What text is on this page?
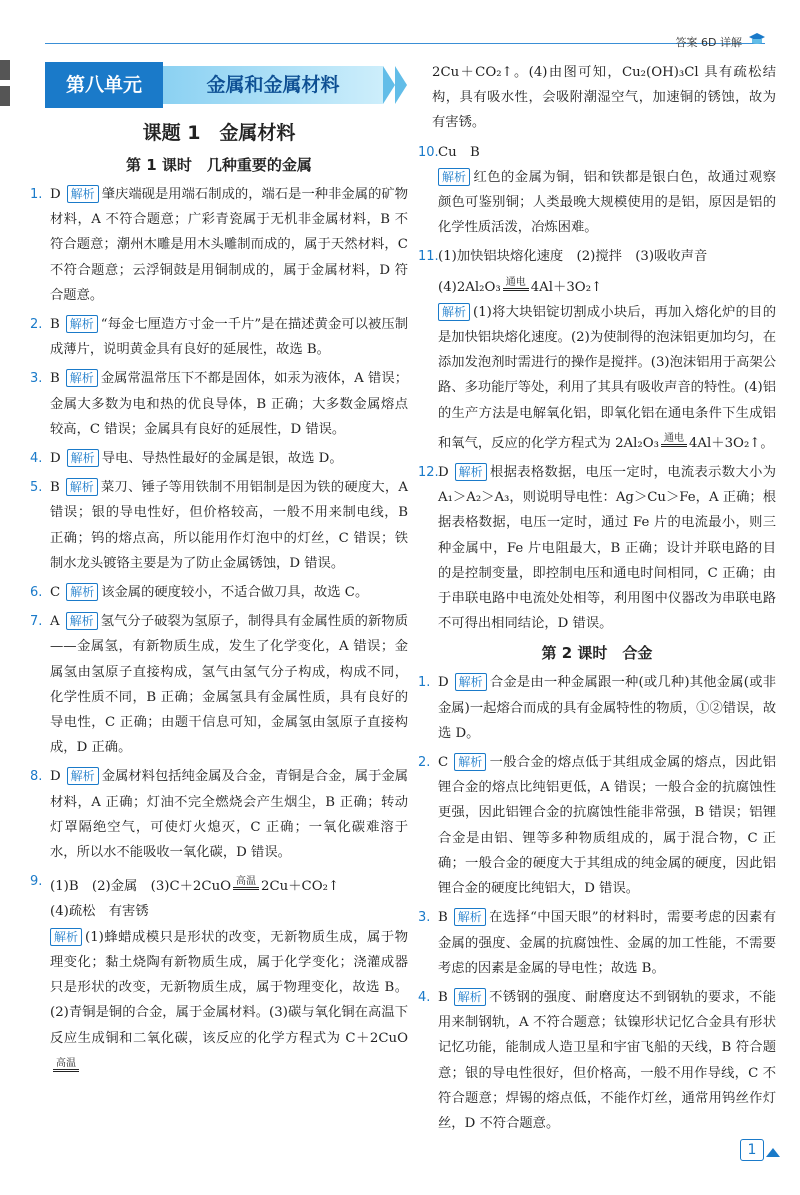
答案 6D 详解
第八单元	金属和金属材料
课题 1　金属材料
第 1 课时　几种重要的金属
1. D 解析 肇庆端砚是用端石制成的，端石是一种非金属的矿物材料，A 不符合题意；广彩青瓷属于无机非金属材料，B 不符合题意；潮州木雕是用木头雕制而成的，属于天然材料，C 不符合题意；云浮铜鼓是用铜制成的，属于金属材料，D 符合题意。
2. B 解析 “每金七厘造方寸金一千片”是在描述黄金可以被压制成薄片，说明黄金具有良好的延展性，故选 B。
3. B 解析 金属常温常压下不都是固体，如汞为液体，A 错误；金属大多数为电和热的优良导体，B 正确；大多数金属熔点较高，C 错误；金属具有良好的延展性，D 错误。
4. D 解析 导电、导热性最好的金属是银，故选 D。
5. B 解析 菜刀、锤子等用铁制不用铝制是因为铁的硬度大，A 错误；银的导电性好，但价格较高，一般不用来制电线，B 正确；钨的熔点高，所以能用作灯泡中的灯丝，C 错误；铁制水龙头镀铬主要是为了防止金属锈蚀，D 错误。
6. C 解析 该金属的硬度较小，不适合做刀具，故选 C。
7. A 解析 氢气分子破裂为氢原子，制得具有金属性质的新物质——金属氢，有新物质生成，发生了化学变化，A 错误；金属氢由氢原子直接构成，氢气由氢气分子构成，构成不同，化学性质不同，B 正确；金属氢具有金属性质，具有良好的导电性，C 正确；由题干信息可知，金属氢由氢原子直接构成，D 正确。
8. D 解析 金属材料包括纯金属及合金，青铜是合金，属于金属材料，A 正确；灯油不完全燃烧会产生烟尘，B 正确；转动灯罩隔绝空气，可使灯火熄灭，C 正确；一氧化碳难溶于水，所以水不能吸收一氧化碳，D 错误。
9. (1)B　(2)金属　(3)C＋2CuO $^{高温}$ 2Cu＋CO₂↑
(4)疏松　有害锈
解析 (1)蜂蜡成模只是形状的改变，无新物质生成，属于物理变化；黏土烧陶有新物质生成，属于化学变化；浇灌成器只是形状的改变，无新物质生成，属于物理变化，故选 B。(2)青铜是铜的合金，属于金属材料。(3)碳与氧化铜在高温下反应生成铜和二氧化碳，该反应的化学方程式为 C＋2CuO$^{高温}$
2Cu＋CO₂↑。(4)由图可知，Cu₂(OH)₃Cl 具有疏松结构，具有吸水性，会吸附潮湿空气，加速铜的锈蚀，故为有害锈。
10. Cu　B
解析 红色的金属为铜，铝和铁都是银白色，故通过观察颜色可鉴别铜；人类最晚大规模使用的是铝，原因是铝的化学性质活泼，冶炼困难。
11. (1)加快铝块熔化速度　(2)搅拌　(3)吸收声音
(4)2Al₂O₃ $^{通电}$ 4Al＋3O₂↑
解析 (1)将大块铝锭切割成小块后，再加入熔化炉的目的是加快铝块熔化速度。(2)为使制得的泡沫铝更加均匀，在添加发泡剂时需进行的操作是搅拌。(3)泡沫铝用于高架公路、多功能厅等处，利用了其具有吸收声音的特性。(4)铝的生产方法是电解氧化铝，即氧化铝在通电条件下生成铝和氧气，反应的化学方程式为 2Al₂O₃ $^{通电}$ 4Al＋3O₂↑。
12. D 解析 根据表格数据，电压一定时，电流表示数大小为 A₁＞A₂＞A₃，则说明导电性：Ag＞Cu＞Fe，A 正确；根据表格数据，电压一定时，通过 Fe 片的电流最小，则三种金属中，Fe 片电阻最大，B 正确；设计并联电路的目的是控制变量，即控制电压和通电时间相同，C 正确；由于串联电路中电流处处相等，利用图中仪器改为串联电路不可得出相同结论，D 错误。
第 2 课时　合金
1. D 解析 合金是由一种金属跟一种(或几种)其他金属(或非金属)一起熔合而成的具有金属特性的物质，①②错误，故选 D。
2. C 解析 一般合金的熔点低于其组成金属的熔点，因此铝锂合金的熔点比纯铝更低，A 错误；一般合金的抗腐蚀性更强，因此铝锂合金的抗腐蚀性能非常强，B 错误；铝锂合金是由铝、锂等多种物质组成的，属于混合物，C 正确；一般合金的硬度大于其组成的纯金属的硬度，因此铝锂合金的硬度比纯铝大，D 错误。
3. B 解析 在选择“中国天眼”的材料时，需要考虑的因素有金属的强度、金属的抗腐蚀性、金属的加工性能，不需要考虑的因素是金属的导电性；故选 B。
4. B 解析 不锈钢的强度、耐磨度达不到钢轨的要求，不能用来制钢轨，A 不符合题意；钛镍形状记忆合金具有形状记忆功能，能制成人造卫星和宇宙飞船的天线，B 符合题意；银的导电性很好，但价格高，一般不用作导线，C 不符合题意；焊锡的熔点低，不能作灯丝，通常用钨丝作灯丝，D 不符合题意。
1
